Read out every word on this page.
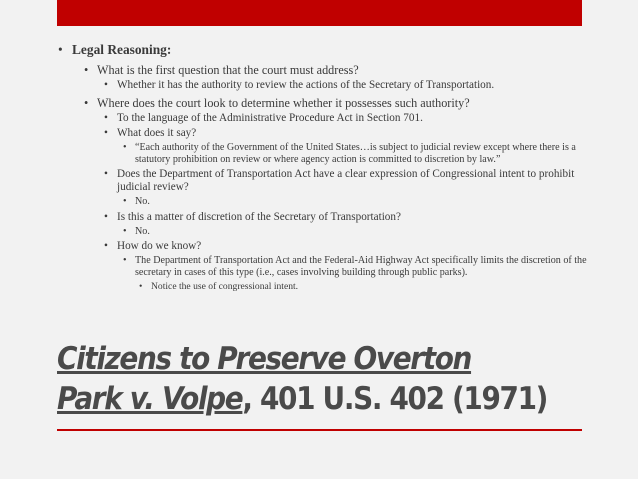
• Legal Reasoning:
• What is the first question that the court must address?
• Whether it has the authority to review the actions of the Secretary of Transportation.
• Where does the court look to determine whether it possesses such authority?
• To the language of the Administrative Procedure Act in Section 701.
• What does it say?
• “Each authority of the Government of the United States…is subject to judicial review except where there is a statutory prohibition on review or where agency action is committed to discretion by law.”
• Does the Department of Transportation Act have a clear expression of Congressional intent to prohibit judicial review?
• No.
• Is this a matter of discretion of the Secretary of Transportation?
• No.
• How do we know?
• The Department of Transportation Act and the Federal-Aid Highway Act specifically limits the discretion of the secretary in cases of this type (i.e., cases involving building through public parks).
• Notice the use of congressional intent.
Citizens to Preserve Overton
Park v. Volpe, 401 U.S. 402 (1971)
